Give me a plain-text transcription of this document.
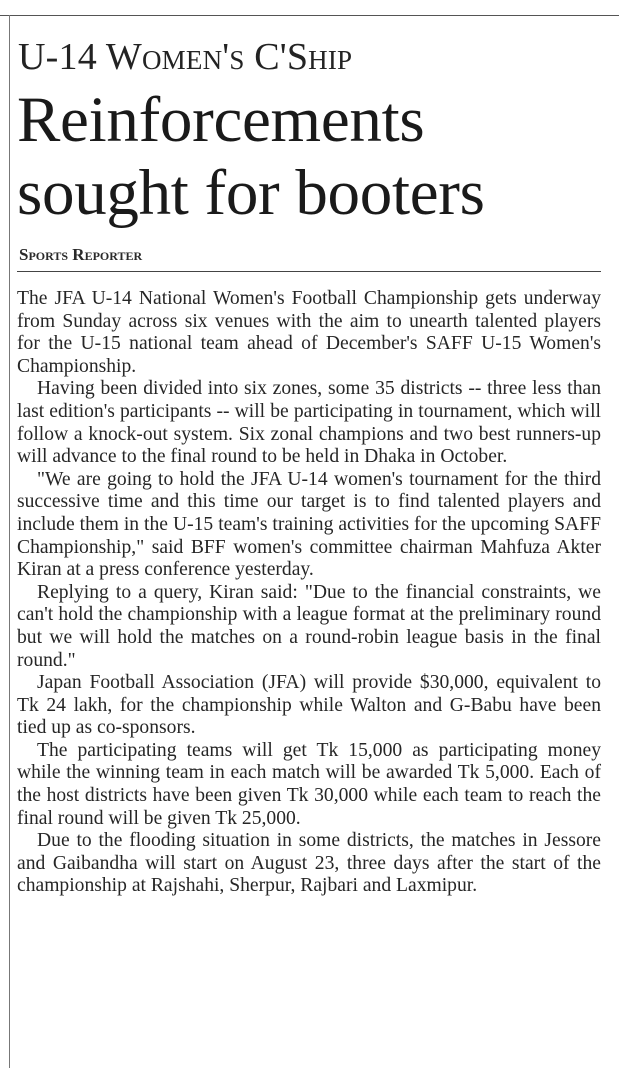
U-14 Women's C'Ship
Reinforcements
sought for booters
Sports Reporter

The JFA U-14 National Women's Football Championship gets underway from Sunday across six venues with the aim to unearth talented players for the U-15 national team ahead of December's SAFF U-15 Women's Championship.

Having been divided into six zones, some 35 districts -- three less than last edition's participants -- will be participating in tournament, which will follow a knock-out system. Six zonal champions and two best runners-up will advance to the final round to be held in Dhaka in October.

"We are going to hold the JFA U-14 women's tournament for the third successive time and this time our target is to find talented players and include them in the U-15 team's training activities for the upcoming SAFF Championship," said BFF women's committee chairman Mahfuza Akter Kiran at a press conference yesterday.

Replying to a query, Kiran said: "Due to the financial constraints, we can't hold the championship with a league format at the preliminary round but we will hold the matches on a round-robin league basis in the final round."

Japan Football Association (JFA) will provide $30,000, equivalent to Tk 24 lakh, for the championship while Walton and G-Babu have been tied up as co-sponsors.

The participating teams will get Tk 15,000 as participating money while the winning team in each match will be awarded Tk 5,000. Each of the host districts have been given Tk 30,000 while each team to reach the final round will be given Tk 25,000.

Due to the flooding situation in some districts, the matches in Jessore and Gaibandha will start on August 23, three days after the start of the championship at Rajshahi, Sherpur, Rajbari and Laxmipur.
